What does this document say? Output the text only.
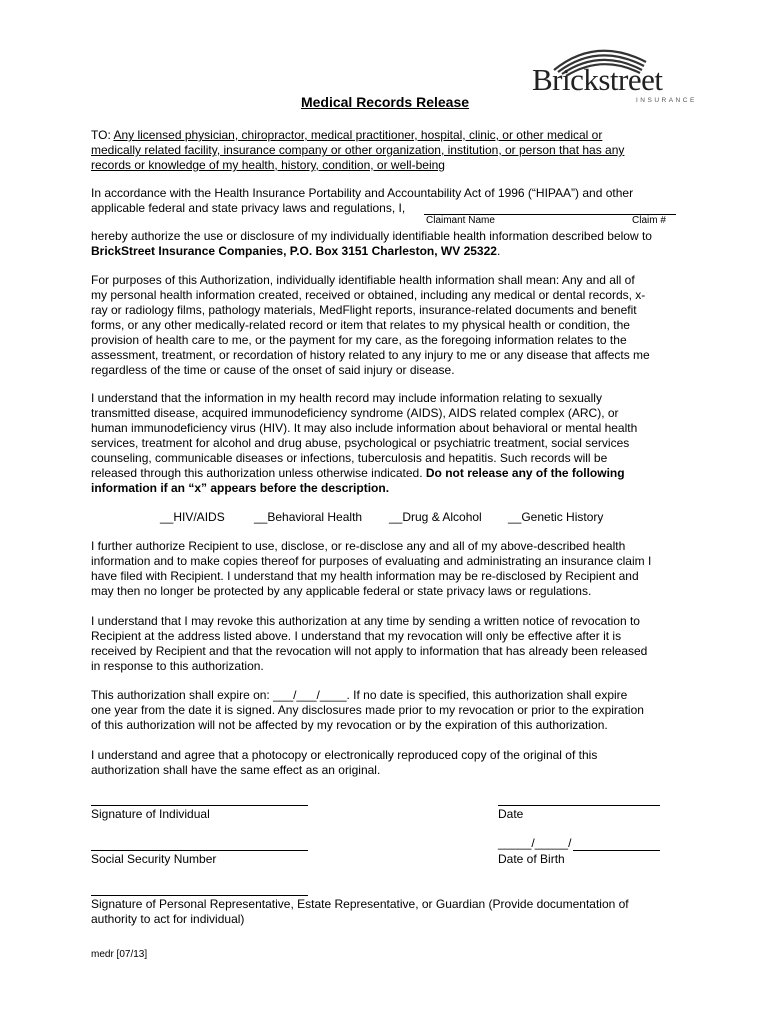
Brickstreet
INSURANCE
Medical Records Release
TO: Any licensed physician, chiropractor, medical practitioner, hospital, clinic, or other medical or
medically related facility, insurance company or other organization, institution, or person that has any
records or knowledge of my health, history, condition, or well-being
In accordance with the Health Insurance Portability and Accountability Act of 1996 (“HIPAA”) and other
applicable federal and state privacy laws and regulations, I,
Claimant Name	Claim #
hereby authorize the use or disclosure of my individually identifiable health information described below to
BrickStreet Insurance Companies, P.O. Box 3151 Charleston, WV 25322.
For purposes of this Authorization, individually identifiable health information shall mean: Any and all of
my personal health information created, received or obtained, including any medical or dental records, x-
ray or radiology films, pathology materials, MedFlight reports, insurance-related documents and benefit
forms, or any other medically-related record or item that relates to my physical health or condition, the
provision of health care to me, or the payment for my care, as the foregoing information relates to the
assessment, treatment, or recordation of history related to any injury to me or any disease that affects me
regardless of the time or cause of the onset of said injury or disease.
I understand that the information in my health record may include information relating to sexually
transmitted disease, acquired immunodeficiency syndrome (AIDS), AIDS related complex (ARC), or
human immunodeficiency virus (HIV). It may also include information about behavioral or mental health
services, treatment for alcohol and drug abuse, psychological or psychiatric treatment, social services
counseling, communicable diseases or infections, tuberculosis and hepatitis. Such records will be
released through this authorization unless otherwise indicated. Do not release any of the following
information if an “x” appears before the description.
__HIV/AIDS __Behavioral Health __Drug & Alcohol __Genetic History
I further authorize Recipient to use, disclose, or re-disclose any and all of my above-described health
information and to make copies thereof for purposes of evaluating and administrating an insurance claim I
have filed with Recipient. I understand that my health information may be re-disclosed by Recipient and
may then no longer be protected by any applicable federal or state privacy laws or regulations.
I understand that I may revoke this authorization at any time by sending a written notice of revocation to
Recipient at the address listed above. I understand that my revocation will only be effective after it is
received by Recipient and that the revocation will not apply to information that has already been released
in response to this authorization.
This authorization shall expire on: ___/___/____. If no date is specified, this authorization shall expire
one year from the date it is signed. Any disclosures made prior to my revocation or prior to the expiration
of this authorization will not be affected by my revocation or by the expiration of this authorization.
I understand and agree that a photocopy or electronically reproduced copy of the original of this
authorization shall have the same effect as an original.
Signature of Individual	Date
Social Security Number
_____/_____/
Date of Birth
Signature of Personal Representative, Estate Representative, or Guardian (Provide documentation of
authority to act for individual)
medr [07/13]
